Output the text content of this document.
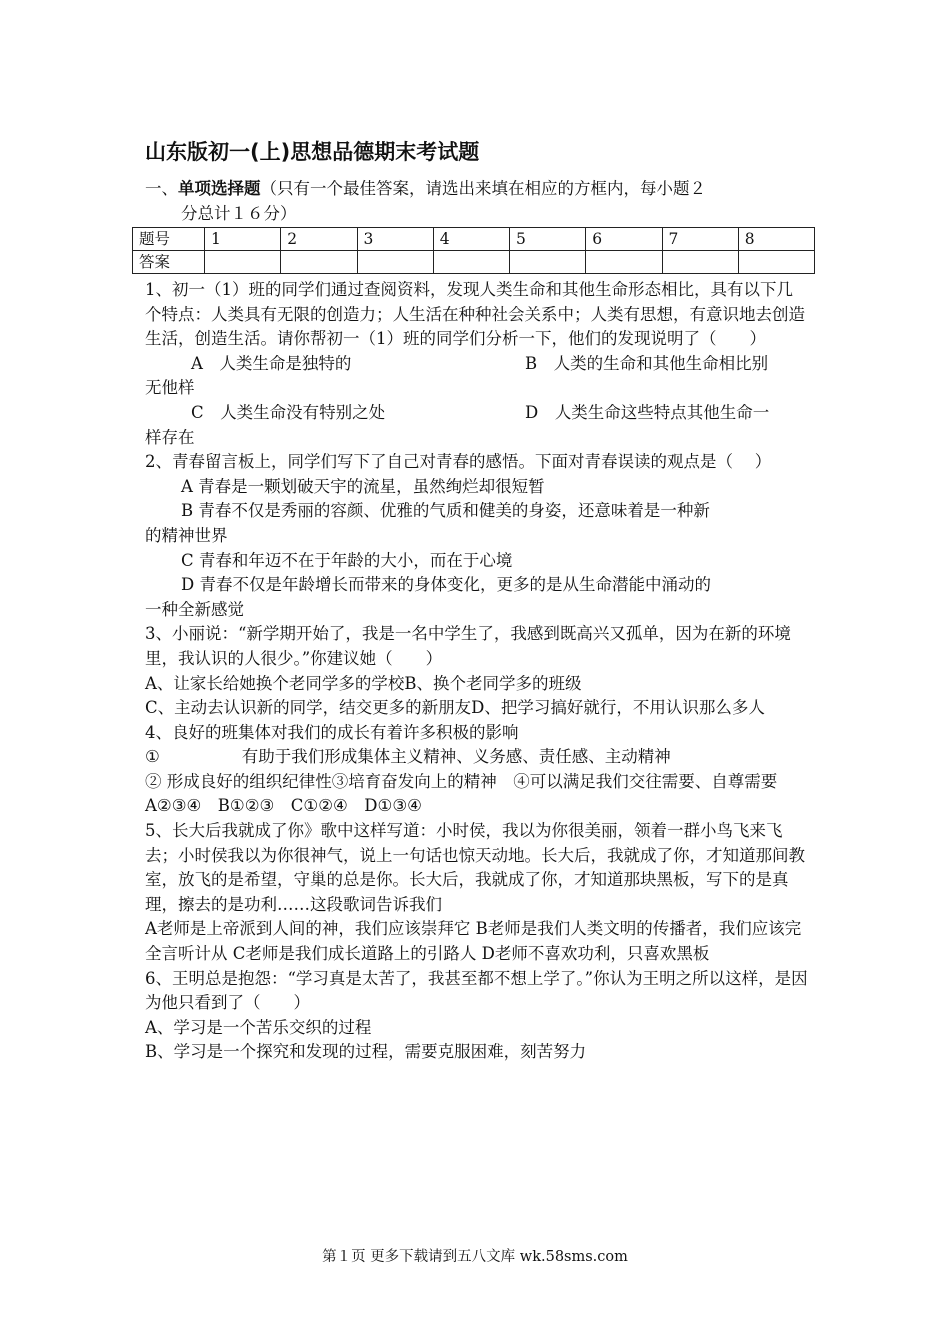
山东版初一(上)思想品德期末考试题
一、单项选择题（只有一个最佳答案，请选出来填在相应的方框内，每小题２
分总计１６分）
题号	1	2	3	4	5	6	7	8
答案								

1、初一（1）班的同学们通过查阅资料，发现人类生命和其他生命形态相比，具有以下几个特点：人类具有无限的创造力；人生活在种种社会关系中；人类有思想，有意识地去创造生活，创造生活。请你帮初一（1）班的同学们分析一下，他们的发现说明了（　　）

A　人类生命是独特的	B　人类的生命和其他生命相比别

无他样

C　人类生命没有特别之处	D　人类生命这些特点其他生命一

样存在

2、青春留言板上，同学们写下了自己对青春的感悟。下面对青春误读的观点是（　 ）

A 青春是一颗划破天宇的流星，虽然绚烂却很短暂

B 青春不仅是秀丽的容颜、优雅的气质和健美的身姿，还意味着是一种新

的精神世界

C 青春和年迈不在于年龄的大小，而在于心境

D 青春不仅是年龄增长而带来的身体变化，更多的是从生命潜能中涌动的

一种全新感觉

3、小丽说：“新学期开始了，我是一名中学生了，我感到既高兴又孤单，因为在新的环境里，我认识的人很少。”你建议她（　　）

A、让家长给她换个老同学多的学校B、换个老同学多的班级

C、主动去认识新的同学，结交更多的新朋友D、把学习搞好就行，不用认识那么多人

4、良好的班集体对我们的成长有着许多积极的影响

①	有助于我们形成集体主义精神、义务感、责任感、主动精神

② 形成良好的组织纪律性③培育奋发向上的精神　④可以满足我们交往需要、自尊需要

A②③④　B①②③　C①②④　D①③④

5、长大后我就成了你》歌中这样写道：小时侯，我以为你很美丽，领着一群小鸟飞来飞去；小时侯我以为你很神气，说上一句话也惊天动地。长大后，我就成了你，才知道那间教室，放飞的是希望，守巢的总是你。长大后，我就成了你，才知道那块黑板，写下的是真理，擦去的是功利……这段歌词告诉我们

A老师是上帝派到人间的神，我们应该崇拜它 B老师是我们人类文明的传播者，我们应该完全言听计从 C老师是我们成长道路上的引路人 D老师不喜欢功利，只喜欢黑板

6、王明总是抱怨：“学习真是太苦了，我甚至都不想上学了。”你认为王明之所以这样，是因为他只看到了（　　）

A、学习是一个苦乐交织的过程

B、学习是一个探究和发现的过程，需要克服困难，刻苦努力

第１页 更多下载请到五八文库 wk.58sms.com
